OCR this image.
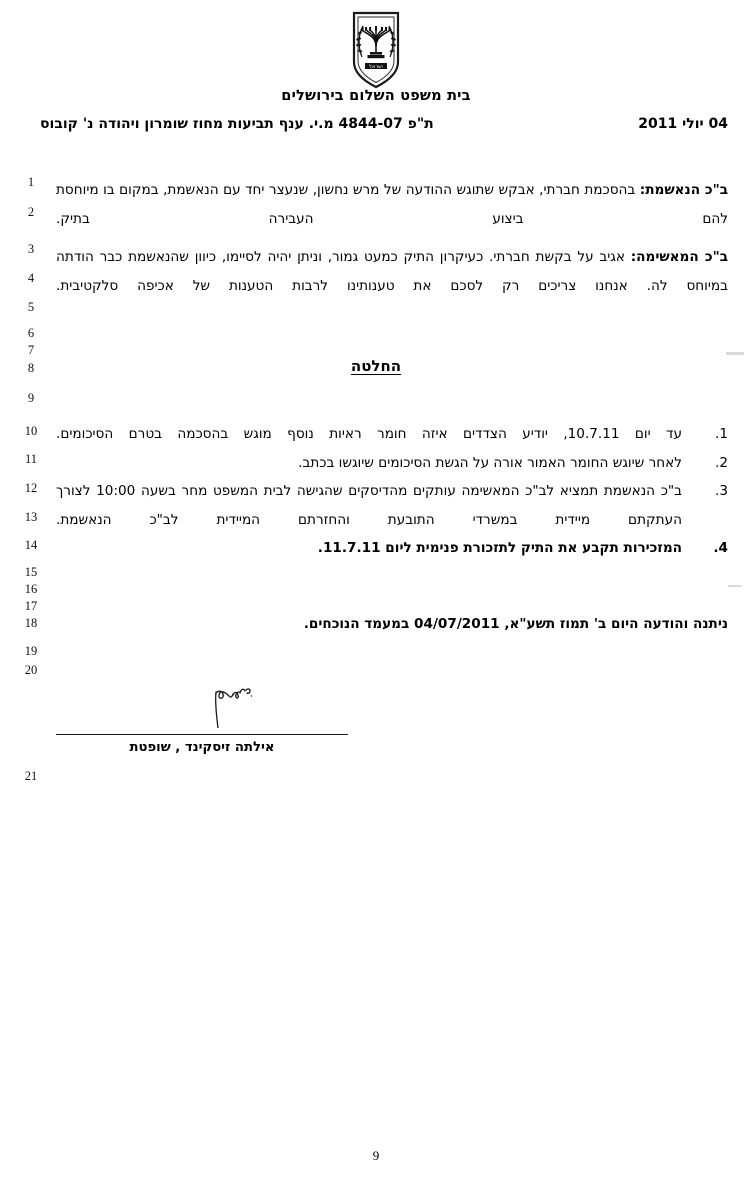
ישראל
בית משפט השלום בירושלים
ת"פ 4844-07 מ.י. ענף תביעות מחוז שומרון ויהודה נ' קובוס	04 יולי 2011
1
2
3
4
5
6
7
8
9
10
11
12
13
14
15
16
17
18
19
20
21
ב"כ הנאשמת: בהסכמת חברתי, אבקש שתוגש ההודעה של מרש נחשון, שנעצר יחד עם הנאשמת, במקום בו מיוחסת להם ביצוע העבירה בתיק.
ב"כ המאשימה: אגיב על בקשת חברתי. כעיקרון התיק כמעט גמור, וניתן יהיה לסיימו, כיוון שהנאשמת כבר הודתה במיוחס לה. אנחנו צריכים רק לסכם את טענותינו לרבות הטענות של אכיפה סלקטיבית.
החלטה
.1
עד יום 10.7.11, יודיע הצדדים איזה חומר ראיות נוסף מוגש בהסכמה בטרם הסיכומים.
.2
לאחר שיוגש החומר האמור אורה על הגשת הסיכומים שיוגשו בכתב.
.3
ב"כ הנאשמת תמציא לב"כ המאשימה עותקים מהדיסקים שהגישה לבית המשפט מחר בשעה 10:00 לצורך העתקתם מיידית במשרדי התובעת והחזרתם המיידית לב"כ הנאשמת.
.4
המזכירות תקבע את התיק לתזכורת פנימית ליום 11.7.11.
ניתנה והודעה היום ב' תמוז תשע"א, 04/07/2011 במעמד הנוכחים.
אילתה זיסקינד , שופטת
9
